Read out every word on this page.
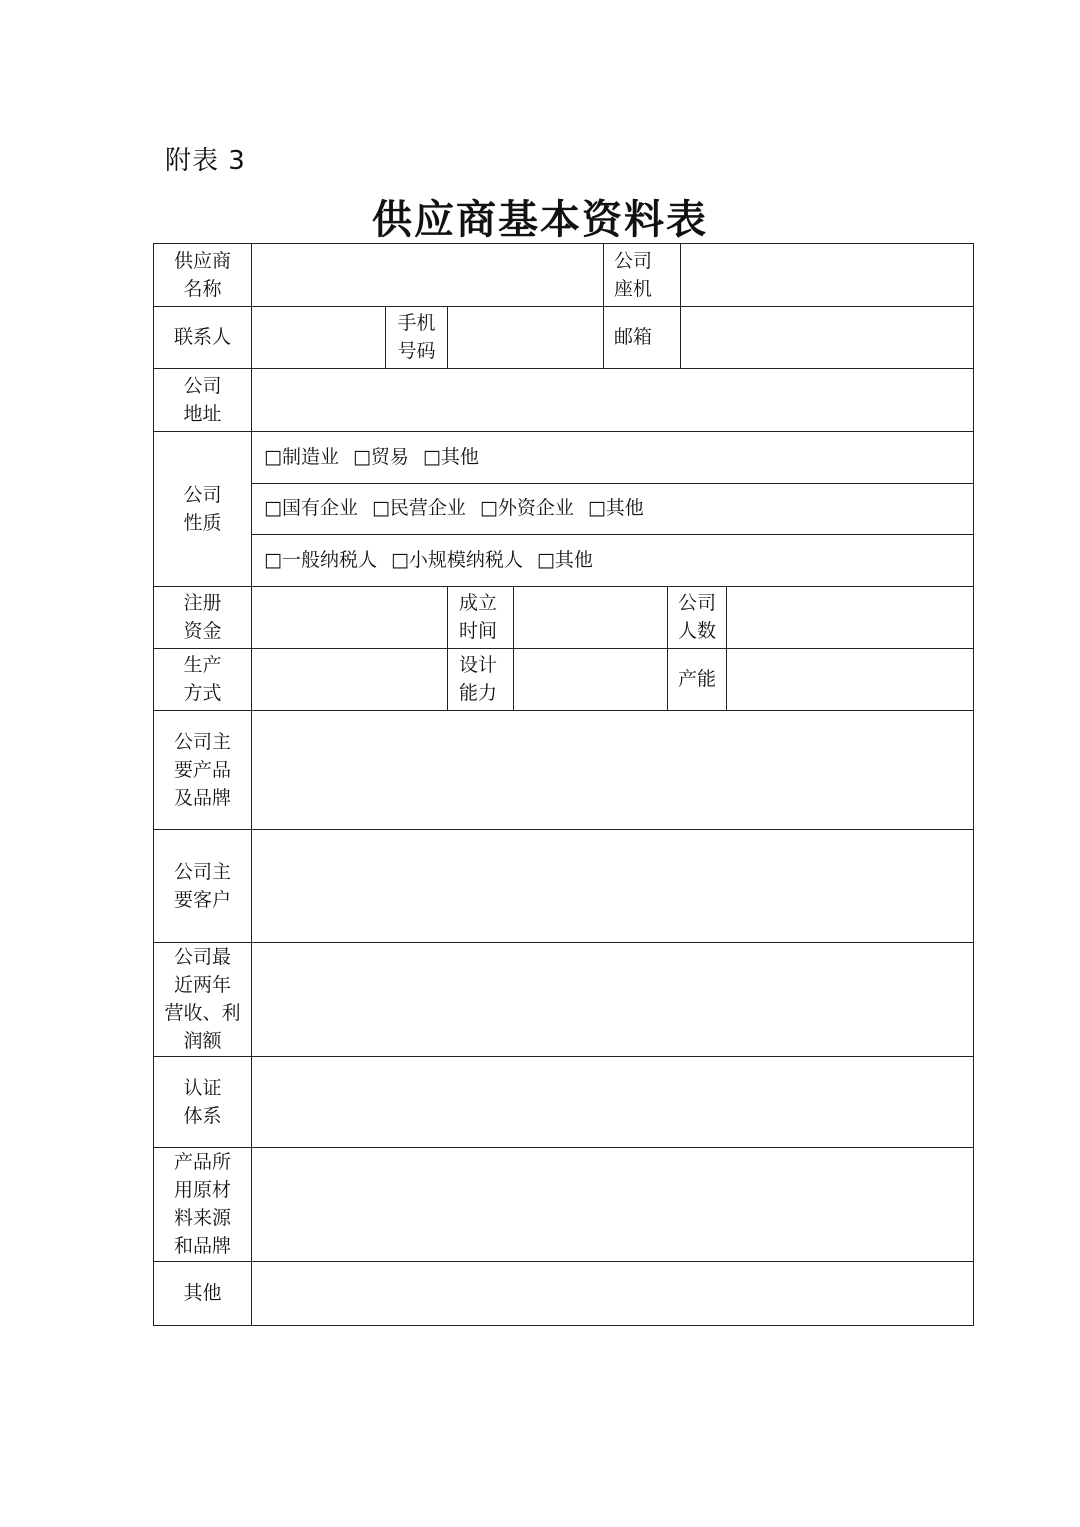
附表 3
供应商基本资料表
供应商
名称
公司
座机
联系人
手机
号码
邮箱
公司
地址
公司
性质
□制造业 □贸易 □其他
□国有企业 □民营企业 □外资企业 □其他
□一般纳税人 □小规模纳税人 □其他
注册
资金
成立
时间
公司
人数
生产
方式
设计
能力
产能
公司主
要产品
及品牌
公司主
要客户
公司最
近两年
营收、利
润额
认证
体系
产品所
用原材
料来源
和品牌
其他
